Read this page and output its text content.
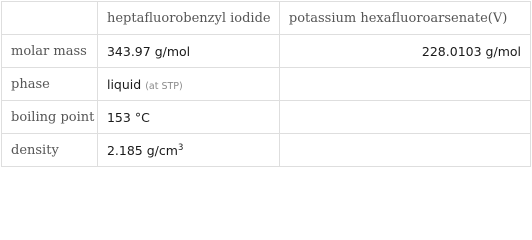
	heptafluorobenzyl iodide	potassium hexafluoroarsenate(V)
molar mass	343.97 g/mol	228.0103 g/mol
phase	liquid (at STP)	
boiling point	153 °C	
density	2.185 $g/cm^3$	
